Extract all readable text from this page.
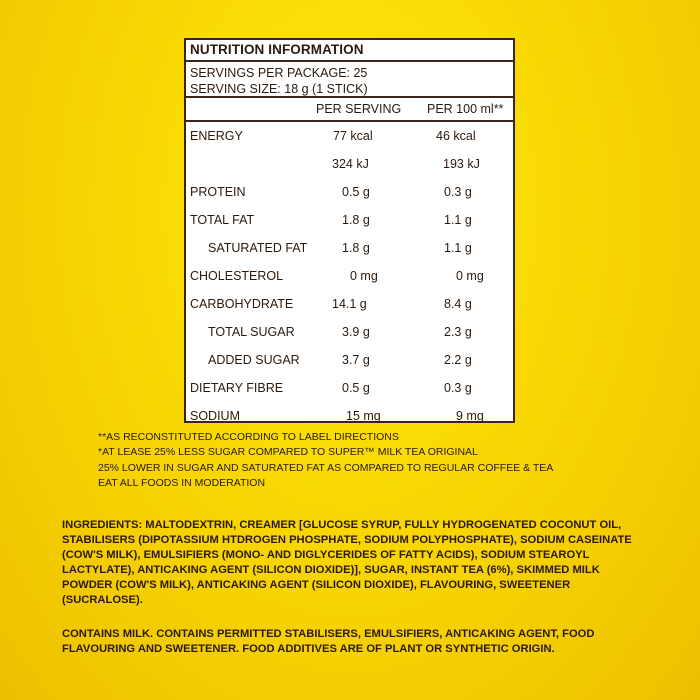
NUTRITION INFORMATION
SERVINGS PER PACKAGE: 25
SERVING SIZE: 18 g (1 STICK)
PER SERVING PER 100 ml**
ENERGY	77 kcal	46 kcal
324 kJ	193 kJ
PROTEIN	0.5 g	0.3 g
TOTAL FAT	1.8 g	1.1 g
SATURATED FAT	1.8 g	1.1 g
CHOLESTEROL	0 mg	0 mg
CARBOHYDRATE	14.1 g	8.4 g
TOTAL SUGAR	3.9 g	2.3 g
ADDED SUGAR	3.7 g	2.2 g
DIETARY FIBRE	0.5 g	0.3 g
SODIUM	15 mg	9 mg
**AS RECONSTITUTED ACCORDING TO LABEL DIRECTIONS
*AT LEASE 25% LESS SUGAR COMPARED TO SUPER™ MILK TEA ORIGINAL
25% LOWER IN SUGAR AND SATURATED FAT AS COMPARED TO REGULAR COFFEE & TEA
EAT ALL FOODS IN MODERATION
INGREDIENTS: MALTODEXTRIN, CREAMER [GLUCOSE SYRUP, FULLY HYDROGENATED COCONUT OIL, STABILISERS (DIPOTASSIUM HTDROGEN PHOSPHATE, SODIUM POLYPHOSPHATE), SODIUM CASEINATE (COW'S MILK), EMULSIFIERS (MONO- AND DIGLYCERIDES OF FATTY ACIDS), SODIUM STEAROYL LACTYLATE), ANTICAKING AGENT (SILICON DIOXIDE)], SUGAR, INSTANT TEA (6%), SKIMMED MILK POWDER (COW'S MILK), ANTICAKING AGENT (SILICON DIOXIDE), FLAVOURING, SWEETENER (SUCRALOSE).
CONTAINS MILK. CONTAINS PERMITTED STABILISERS, EMULSIFIERS, ANTICAKING AGENT, FOOD FLAVOURING AND SWEETENER. FOOD ADDITIVES ARE OF PLANT OR SYNTHETIC ORIGIN.
